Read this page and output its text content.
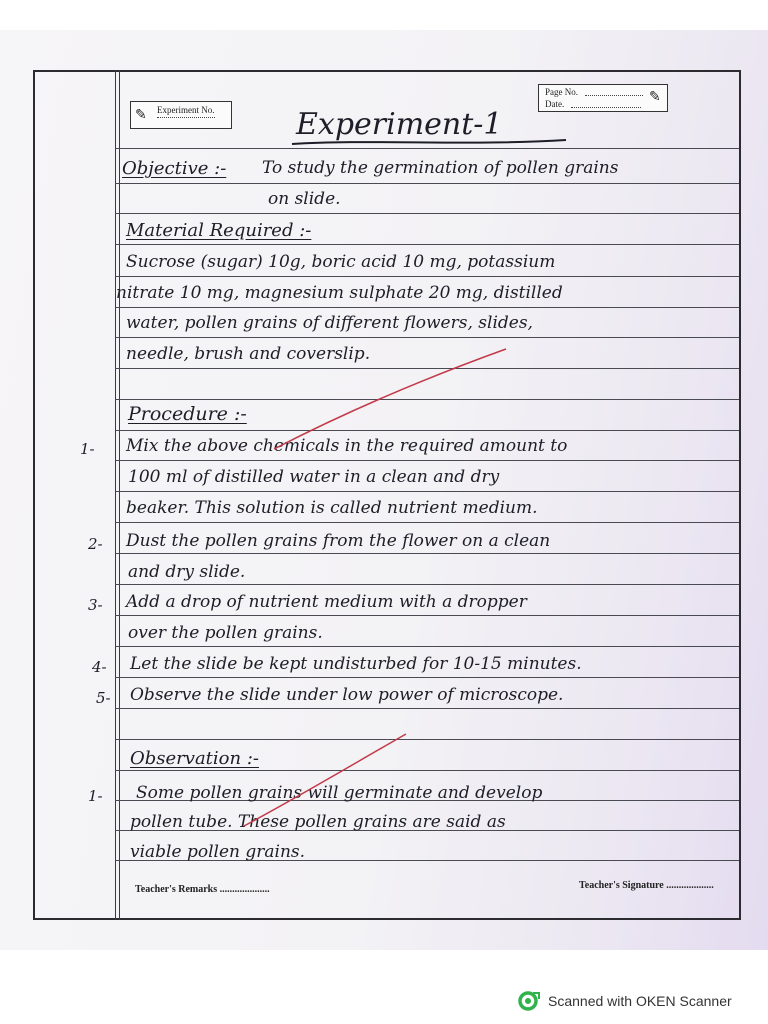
✎ Experiment No.
Page No.
Date.	✎
Experiment-1
Objective :- To study the germination of pollen grains
on slide.
Material Required :-
Sucrose (sugar) 10g, boric acid 10 mg, potassium
nitrate 10 mg, magnesium sulphate 20 mg, distilled
water, pollen grains of different flowers, slides,
needle, brush and coverslip.
Procedure :-
1- Mix the above chemicals in the required amount to
100 ml of distilled water in a clean and dry
beaker. This solution is called nutrient medium.
2- Dust the pollen grains from the flower on a clean
and dry slide.
3- Add a drop of nutrient medium with a dropper
over the pollen grains.
4- Let the slide be kept undisturbed for 10-15 minutes.
5- Observe the slide under low power of microscope.
Observation :-
1- Some pollen grains will germinate and develop
pollen tube. These pollen grains are said as
viable pollen grains.
Teacher's Remarks ....................	Teacher's Signature ...................
Scanned with OKEN Scanner
